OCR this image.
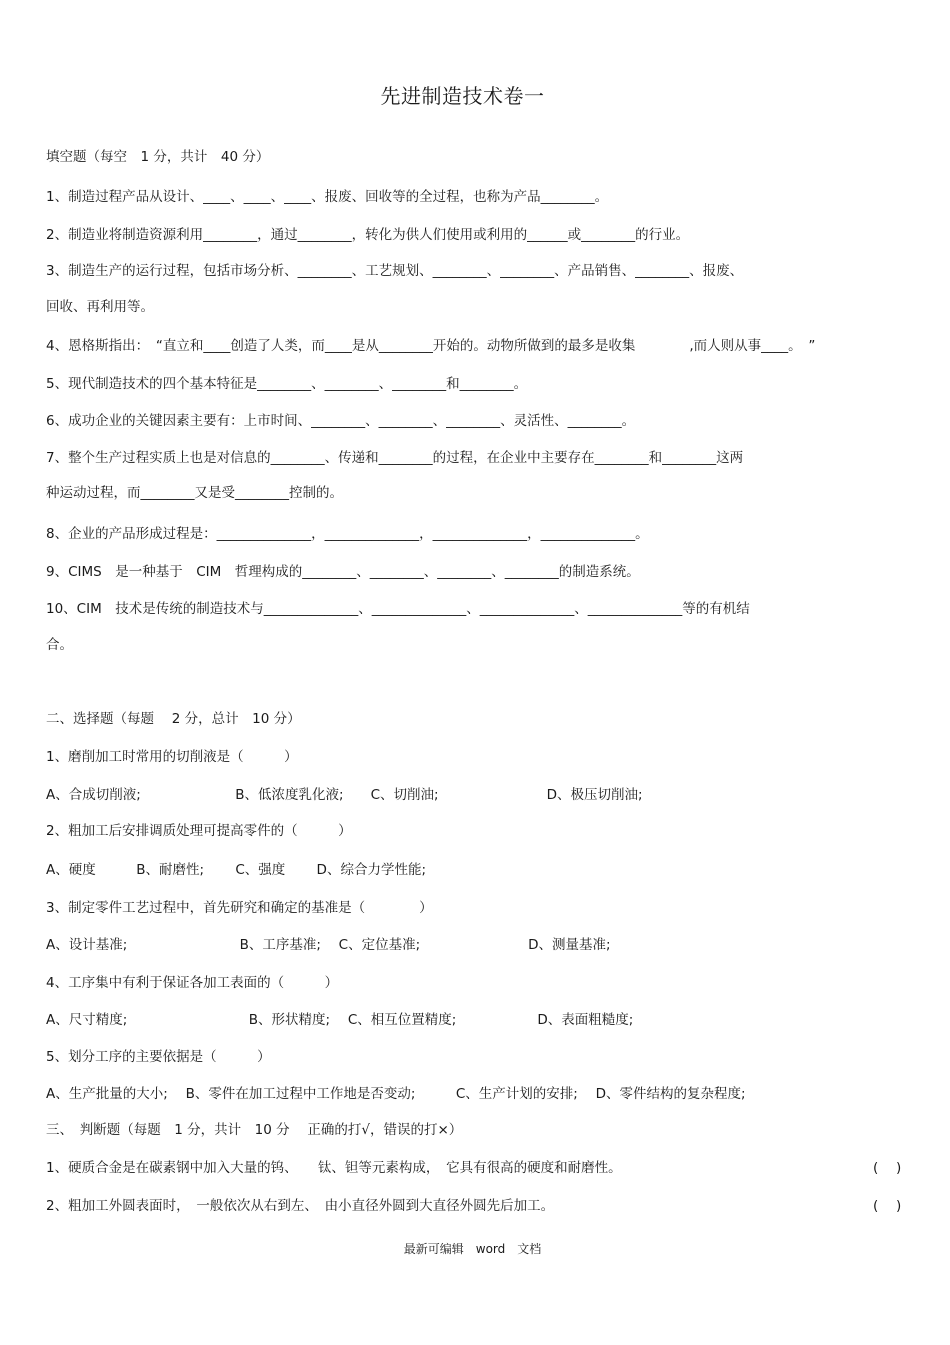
先进制造技术卷一
填空题（每空　1 分，共计　40 分）
1、制造过程产品从设计、____、____、____、报废、回收等的全过程，也称为产品________。
2、制造业将制造资源利用________，通过________，转化为供人们使用或利用的______或________的行业。
3、制造生产的运行过程，包括市场分析、________、工艺规划、________、________、产品销售、________、报废、
回收、再利用等。
4、恩格斯指出：　“直立和____创造了人类，而____是从________开始的。动物所做到的最多是收集　　　　,而人则从事____。　”
5、现代制造技术的四个基本特征是________、________、________和________。
6、成功企业的关键因素主要有：上市时间、________、________、________、灵活性、________。
7、整个生产过程实质上也是对信息的________、传递和________的过程，在企业中主要存在________和________这两
种运动过程，而________又是受________控制的。
8、企业的产品形成过程是：______________，______________，______________，______________。
9、CIMS　是一种基于　CIM　哲理构成的________、________、________、________的制造系统。
10、CIM　技术是传统的制造技术与______________、______________、______________、______________等的有机结
合。
二、选择题（每题　 2 分，总计　10 分）
1、磨削加工时常用的切削液是（　　　）
A、合成切削液;　　　　　　　B、低浓度乳化液;　　C、切削油;　　　　　　　　D、极压切削油;
2、粗加工后安排调质处理可提高零件的（　　　）
A、硬度　　　B、耐磨性;　　 C、强度　　 D、综合力学性能;
3、制定零件工艺过程中，首先研究和确定的基准是（　　　　）
A、设计基准;　　　　　　　　 B、工序基准;　 C、定位基准;　　　　　　　　D、测量基准;
4、工序集中有利于保证各加工表面的（　　　）
A、尺寸精度;　　　　　　　　　B、形状精度;　 C、相互位置精度;　　　　　　D、表面粗糙度;
5、划分工序的主要依据是（　　　）
A、生产批量的大小;　 B、零件在加工过程中工作地是否变动;　　　C、生产计划的安排;　 D、零件结构的复杂程度;
三、　判断题（每题　1 分，共计　10 分　 正确的打√，错误的打×）
1、硬质合金是在碳素钢中加入大量的钨、　　钛、钽等元素构成，　它具有很高的硬度和耐磨性。	(　 )
2、粗加工外圆表面时，　一般依次从右到左、　由小直径外圆到大直径外圆先后加工。	(　 )
最新可编辑　word　文档
